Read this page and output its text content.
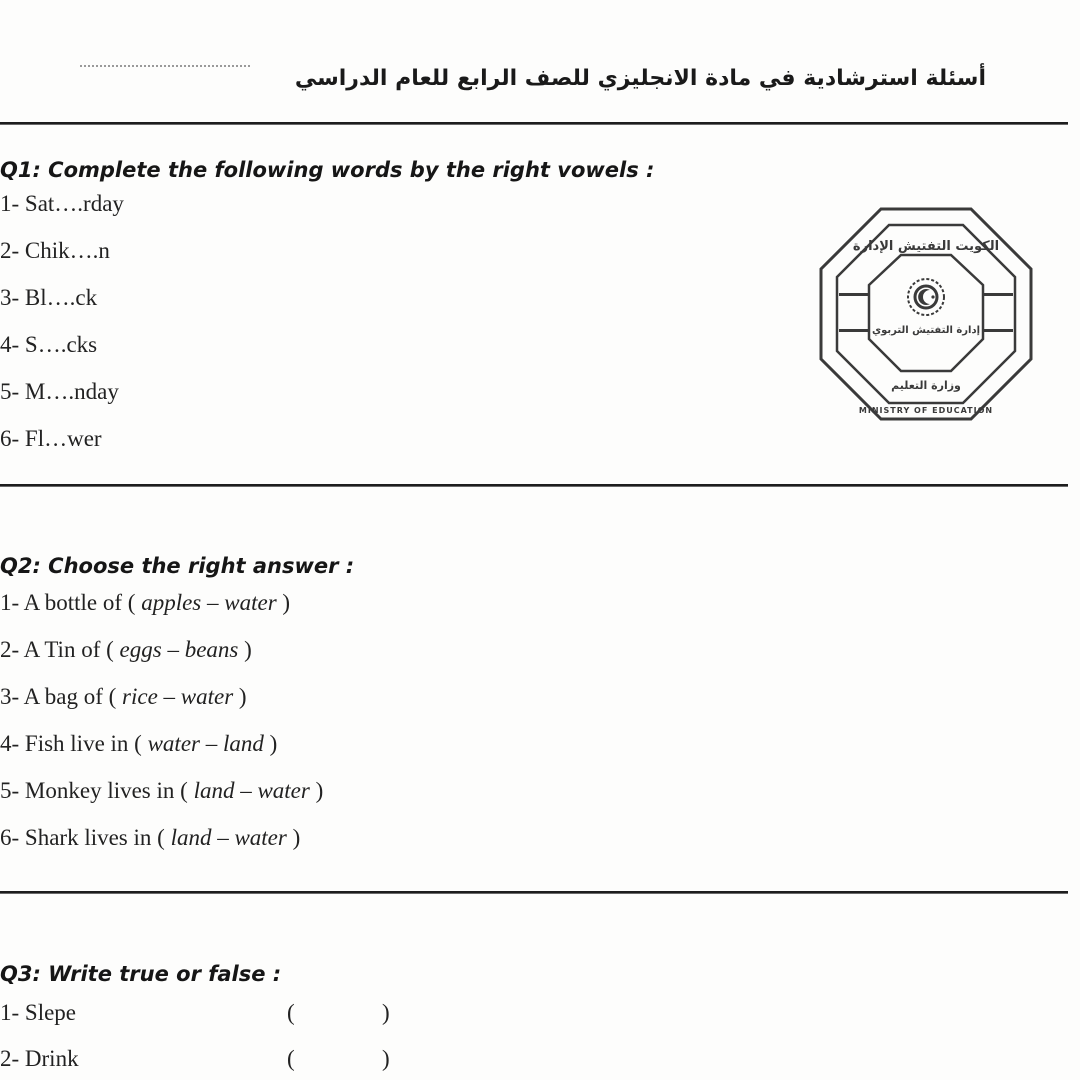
أسئلة استرشادية في مادة الانجليزي للصف الرابع للعام الدراسي
Q1: Complete the following words by the right vowels :
1- Sat….rday
2- Chik….n
3- Bl….ck
4- S….cks
5- M….nday
6- Fl…wer
الكويت التفتيش الإدارة
إدارة التفتيش التربوي
وزارة التعليم
MINISTRY OF EDUCATION
Q2: Choose the right answer :
1- A bottle of ( apples – water )
2- A Tin of ( eggs – beans )
3- A bag of ( rice – water )
4- Fish live in ( water – land )
5- Monkey lives in ( land – water )
6- Shark lives in ( land – water )
Q3: Write true or false :
1- Slepe	(	)
2- Drink	(	)
